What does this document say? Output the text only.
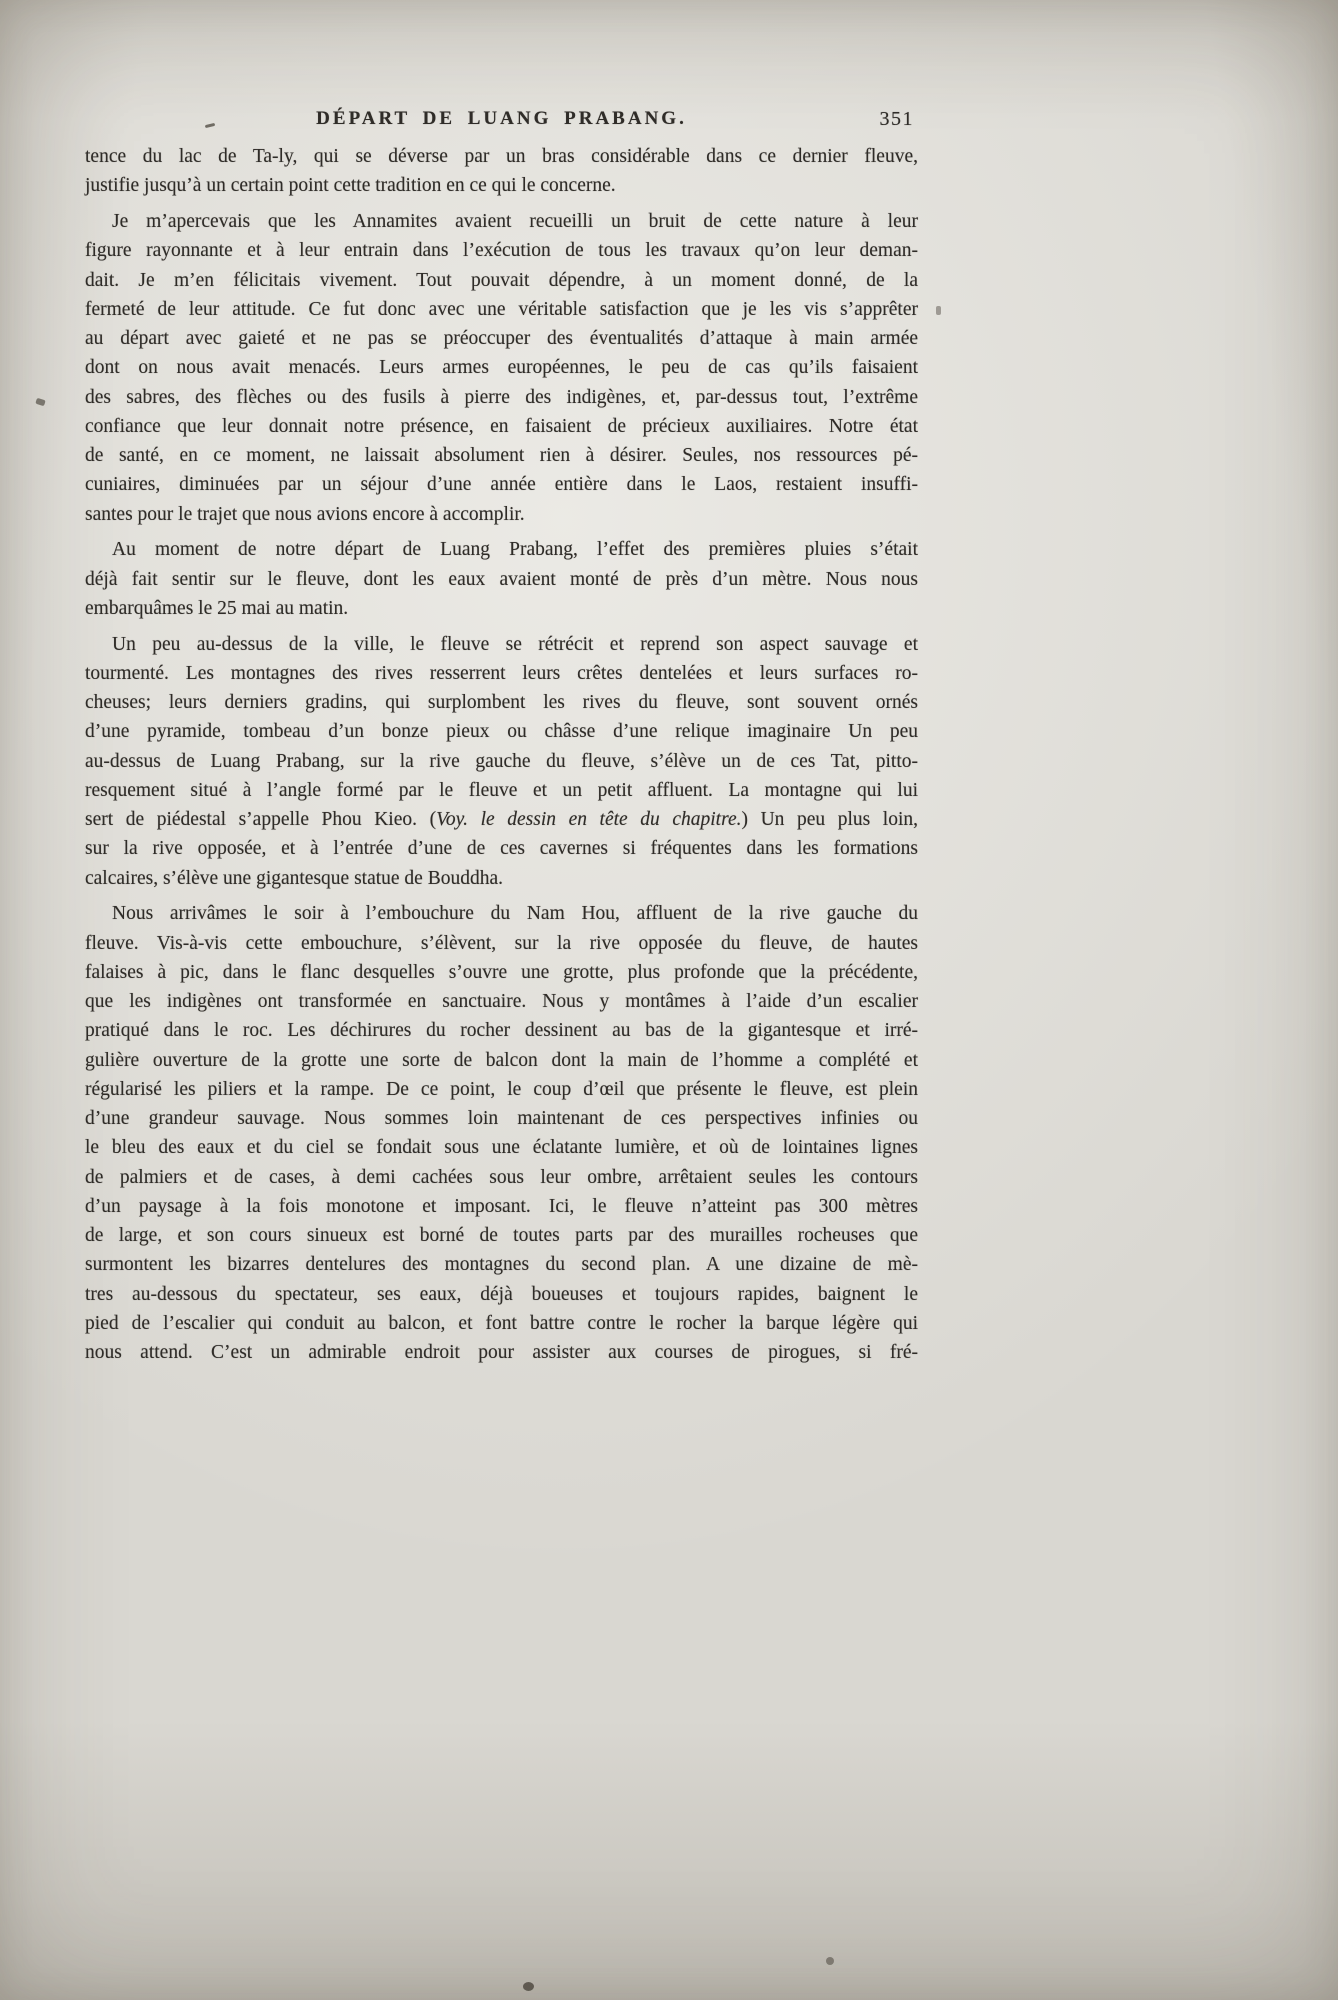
DÉPART DE LUANG PRABANG.	351
tence du lac de Ta-ly, qui se déverse par un bras considérable dans ce dernier fleuve,
justifie jusqu’à un certain point cette tradition en ce qui le concerne.
Je m’apercevais que les Annamites avaient recueilli un bruit de cette nature à leur
figure rayonnante et à leur entrain dans l’exécution de tous les travaux qu’on leur deman-
dait. Je m’en félicitais vivement. Tout pouvait dépendre, à un moment donné, de la
fermeté de leur attitude. Ce fut donc avec une véritable satisfaction que je les vis s’apprêter
au départ avec gaieté et ne pas se préoccuper des éventualités d’attaque à main armée
dont on nous avait menacés. Leurs armes européennes, le peu de cas qu’ils faisaient
des sabres, des flèches ou des fusils à pierre des indigènes, et, par-dessus tout, l’extrême
confiance que leur donnait notre présence, en faisaient de précieux auxiliaires. Notre état
de santé, en ce moment, ne laissait absolument rien à désirer. Seules, nos ressources pé-
cuniaires, diminuées par un séjour d’une année entière dans le Laos, restaient insuffi-
santes pour le trajet que nous avions encore à accomplir.
Au moment de notre départ de Luang Prabang, l’effet des premières pluies s’était
déjà fait sentir sur le fleuve, dont les eaux avaient monté de près d’un mètre. Nous nous
embarquâmes le 25 mai au matin.
Un peu au-dessus de la ville, le fleuve se rétrécit et reprend son aspect sauvage et
tourmenté. Les montagnes des rives resserrent leurs crêtes dentelées et leurs surfaces ro-
cheuses; leurs derniers gradins, qui surplombent les rives du fleuve, sont souvent ornés
d’une pyramide, tombeau d’un bonze pieux ou châsse d’une relique imaginaire Un peu
au-dessus de Luang Prabang, sur la rive gauche du fleuve, s’élève un de ces Tat, pitto-
resquement situé à l’angle formé par le fleuve et un petit affluent. La montagne qui lui
sert de piédestal s’appelle Phou Kieo. (Voy. le dessin en tête du chapitre.) Un peu plus loin,
sur la rive opposée, et à l’entrée d’une de ces cavernes si fréquentes dans les formations
calcaires, s’élève une gigantesque statue de Bouddha.
Nous arrivâmes le soir à l’embouchure du Nam Hou, affluent de la rive gauche du
fleuve. Vis-à-vis cette embouchure, s’élèvent, sur la rive opposée du fleuve, de hautes
falaises à pic, dans le flanc desquelles s’ouvre une grotte, plus profonde que la précédente,
que les indigènes ont transformée en sanctuaire. Nous y montâmes à l’aide d’un escalier
pratiqué dans le roc. Les déchirures du rocher dessinent au bas de la gigantesque et irré-
gulière ouverture de la grotte une sorte de balcon dont la main de l’homme a complété et
régularisé les piliers et la rampe. De ce point, le coup d’œil que présente le fleuve, est plein
d’une grandeur sauvage. Nous sommes loin maintenant de ces perspectives infinies ou
le bleu des eaux et du ciel se fondait sous une éclatante lumière, et où de lointaines lignes
de palmiers et de cases, à demi cachées sous leur ombre, arrêtaient seules les contours
d’un paysage à la fois monotone et imposant. Ici, le fleuve n’atteint pas 300 mètres
de large, et son cours sinueux est borné de toutes parts par des murailles rocheuses que
surmontent les bizarres dentelures des montagnes du second plan. A une dizaine de mè-
tres au-dessous du spectateur, ses eaux, déjà boueuses et toujours rapides, baignent le
pied de l’escalier qui conduit au balcon, et font battre contre le rocher la barque légère qui
nous attend. C’est un admirable endroit pour assister aux courses de pirogues, si fré-
